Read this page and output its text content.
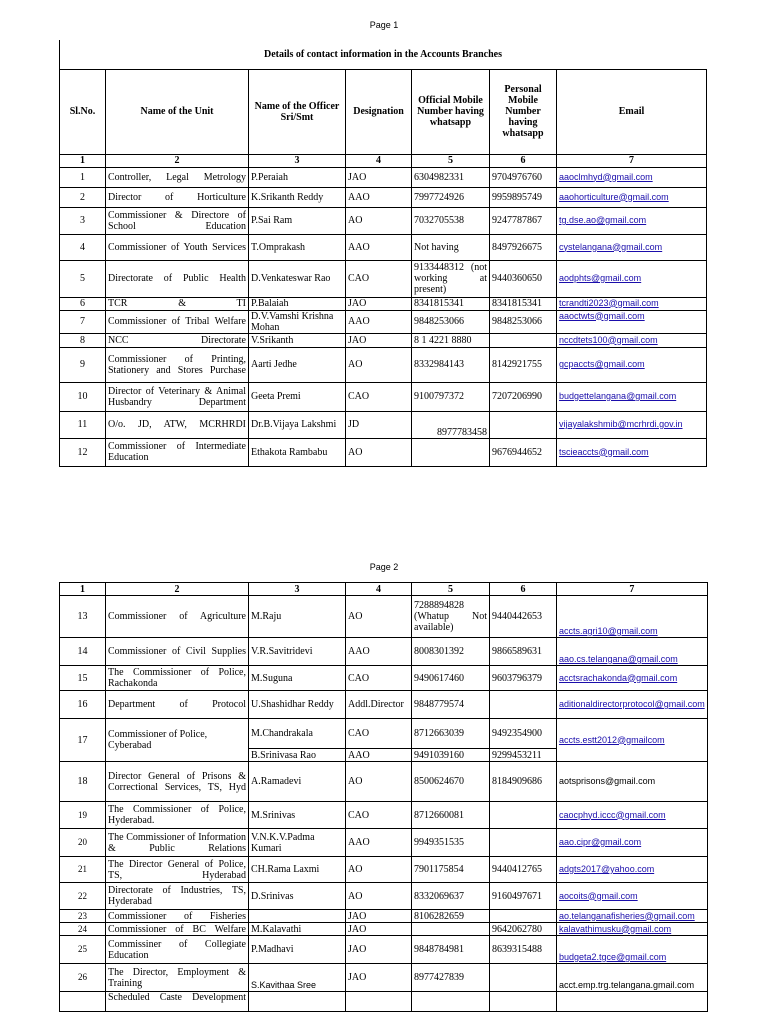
Page 1
Page 2
Details of contact information in the Accounts Branches						
Sl.No.	Name of the Unit	Name of the Officer Sri/Smt	Designation	Official Mobile Number having whatsapp	Personal Mobile Number having whatsapp	Email
1	2	3	4	5	6	7
1	Controller, Legal Metrology	P.Peraiah	JAO	6304982331	9704976760	aaoclmhyd@gmail.com
2	Director of Horticulture	K.Srikanth Reddy	AAO	7997724926	9959895749	aaohorticulture@gmail.com
3	Commissioner & Directore of School Education	P.Sai Ram	AO	7032705538	9247787867	tg.dse.ao@gmail.com
4	Commissioner of Youth Services	T.Omprakash	AAO	Not having	8497926675	cystelangana@gmail.com
5	Directorate of Public Health	D.Venkateswar Rao	CAO	9133448312 (not working at present)	9440360650	aodphts@gmail.com
6	TCR & TI	P.Balaiah	JAO	8341815341	8341815341	tcrandti2023@gmail.com
7	Commissioner of Tribal Welfare	D.V.Vamshi Krishna Mohan	AAO	9848253066	9848253066	aaoctwts@gmail.com
8	NCC Directorate	V.Srikanth	JAO	8 1 4221 8880		nccdtets100@gmail.com
9	Commissioner of Printing, Stationery and Stores Purchase	Aarti Jedhe	AO	8332984143	8142921755	gcpaccts@gmail.com
10	Director of Veterinary & Animal Husbandry Department	Geeta Premi	CAO	9100797372	7207206990	budgettelangana@gmail.com
11	O/o. JD, ATW, MCRHRDI	Dr.B.Vijaya Lakshmi	JD	8977783458		vijayalakshmib@mcrhrdi.gov.in
12	Commissioner of Intermediate Education	Ethakota Rambabu	AO		9676944652	tscieaccts@gmail.com
1	2	3	4	5	6	7
13	Commissioner of Agriculture	M.Raju	AO	7288894828 (Whatup Not available)	9440442653	accts.agri10@gmail.com
14	Commissioner of Civil Supplies	V.R.Savitridevi	AAO	8008301392	9866589631	aao.cs.telangana@gmail.com
15	The Commissioner of Police, Rachakonda	M.Suguna	CAO	9490617460	9603796379	acctsrachakonda@gmail.com
16	Department of Protocol	U.Shashidhar Reddy	Addl.Director	9848779574		aditionaldirectorprotocol@gmail.com
17	Commissioner of Police, Cyberabad	M.Chandrakala	CAO	8712663039	9492354900	accts.estt2012@gmailcom
		B.Srinivasa Rao	AAO	9491039160	9299453211	
18	Director General of Prisons & Correctional Services, TS, Hyd	A.Ramadevi	AO	8500624670	8184909686	aotsprisons@gmail.com
19	The Commissioner of Police, Hyderabad.	M.Srinivas	CAO	8712660081		caocphyd.iccc@gmail.com
20	The Commissioner of Information & Public Relations	V.N.K.V.Padma Kumari	AAO	9949351535		aao.cipr@gmail.com
21	The Director General of Police, TS, Hyderabad	CH.Rama Laxmi	AO	7901175854	9440412765	adgts2017@yahoo.com
22	Directorate of Industries, TS, Hyderabad	D.Srinivas	AO	8332069637	9160497671	aocoits@gmail.com
23	Commissioner of Fisheries		JAO	8106282659		ao.telanganafisheries@gmail.com
24	Commissioner of BC Welfare	M.Kalavathi	JAO		9642062780	kalavathimusku@gmail.com
25	Commissiner of Collegiate Education	P.Madhavi	JAO	9848784981	8639315488	budgeta2.tgce@gmail.com
26	The Director, Employment & Training	S.Kavithaa Sree	JAO	8977427839		acct.emp.trg.telangana.gmail.com
	Scheduled Caste Development					
